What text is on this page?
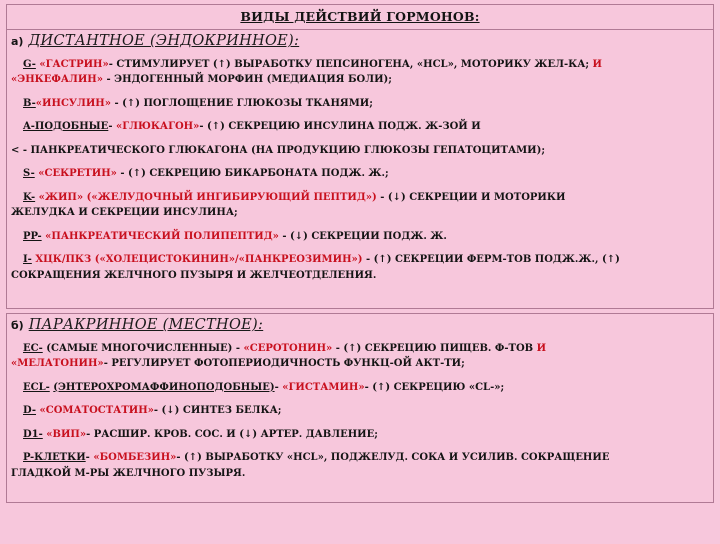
ВИДЫ ДЕЙСТВИЙ ГОРМОНОВ:
а) ДИСТАНТНОЕ (ЭНДОКРИННОЕ):
G- «ГАСТРИН»- СТИМУЛИРУЕТ (↑) ВЫРАБОТКУ ПЕПСИНОГЕНА, «HCL», МОТОРИКУ ЖЕЛ-КА; И
«ЭНКЕФАЛИН» - ЭНДОГЕННЫЙ МОРФИН (МЕДИАЦИЯ БОЛИ);
B-«ИНСУЛИН» - (↑) ПОГЛОЩЕНИЕ ГЛЮКОЗЫ ТКАНЯМИ;
A-ПОДОБНЫЕ- «ГЛЮКАГОН»- (↑) СЕКРЕЦИЮ ИНСУЛИНА ПОДЖ. Ж-ЗОЙ И
< - ПАНКРЕАТИЧЕСКОГО ГЛЮКАГОНА (НА ПРОДУКЦИЮ ГЛЮКОЗЫ ГЕПАТОЦИТАМИ);
S- «СЕКРЕТИН» - (↑) СЕКРЕЦИЮ БИКАРБОНАТА ПОДЖ. Ж.;
K- «ЖИП» («ЖЕЛУДОЧНЫЙ ИНГИБИРУЮЩИЙ ПЕПТИД») - (↓) СЕКРЕЦИИ И МОТОРИКИ
ЖЕЛУДКА И СЕКРЕЦИИ ИНСУЛИНА;
PP- «ПАНКРЕАТИЧЕСКИЙ ПОЛИПЕПТИД» - (↓) СЕКРЕЦИИ ПОДЖ. Ж.
I- ХЦК/ПКЗ («ХОЛЕЦИСТОКИНИН»/«ПАНКРЕОЗИМИН») - (↑) СЕКРЕЦИИ ФЕРМ-ТОВ ПОДЖ.Ж., (↑)
СОКРАЩЕНИЯ ЖЕЛЧНОГО ПУЗЫРЯ И ЖЕЛЧЕОТДЕЛЕНИЯ.
б) ПАРАКРИННОЕ (МЕСТНОЕ):
EC- (САМЫЕ МНОГОЧИСЛЕННЫЕ) - «СЕРОТОНИН» - (↑) СЕКРЕЦИЮ ПИЩЕВ. Ф-ТОВ И
«МЕЛАТОНИН»- РЕГУЛИРУЕТ ФОТОПЕРИОДИЧНОСТЬ ФУНКЦ-ОЙ АКТ-ТИ;
ECL- (ЭНТЕРОХРОМАФФИНОПОДОБНЫЕ)- «ГИСТАМИН»- (↑) СЕКРЕЦИЮ «CL-»;
D- «СОМАТОСТАТИН»- (↓) СИНТЕЗ БЕЛКА;
D1- «ВИП»- РАСШИР. КРОВ. СОС. И (↓) АРТЕР. ДАВЛЕНИЕ;
P-КЛЕТКИ- «БОМБЕЗИН»- (↑) ВЫРАБОТКУ «HCL», ПОДЖЕЛУД. СОКА И УСИЛИВ. СОКРАЩЕНИЕ
ГЛАДКОЙ М-РЫ ЖЕЛЧНОГО ПУЗЫРЯ.
